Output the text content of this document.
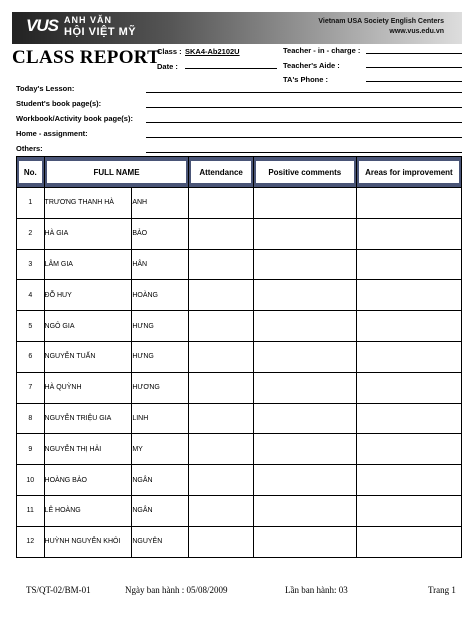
VUS ANH VĂN
HỘI VIỆT MỸ
Vietnam USA Society English Centers
www.vus.edu.vn
CLASS REPORT
Class : SKA4-Ab2102U
Date :
Teacher - in - charge :
Teacher's Aide :
TA's Phone :
Today's Lesson:
Student's book page(s):
Workbook/Activity book page(s):
Home - assignment:
Others:
No.	FULL NAME		Attendance	Positive comments	Areas for improvement

1	TRƯƠNG THANH HÀ	ANH			
2	HÀ GIA	BẢO			
3	LÂM GIA	HÂN			
4	ĐỖ HUY	HOÀNG			
5	NGÔ GIA	HƯNG			
6	NGUYỄN TUẤN	HƯNG			
7	HÀ QUỲNH	HƯƠNG			
8	NGUYỄN TRIỆU GIA	LINH			
9	NGUYỄN THỊ HẢI	MY			
10	HOÀNG BẢO	NGÂN			
11	LÊ HOÀNG	NGÂN			
12	HUỲNH NGUYỄN KHÔI	NGUYÊN			
TS/QT-02/BM-01	Ngày ban hành : 05/08/2009	Lần ban hành: 03	Trang 1
